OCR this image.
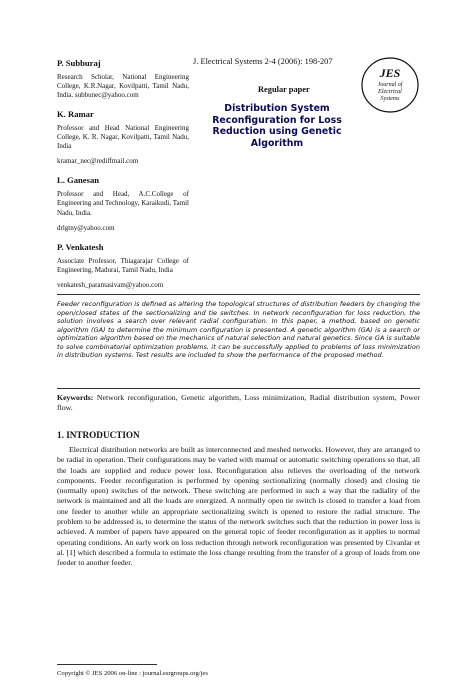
P. Subburaj

Research Scholar, National Engineering College, K.R.Nagar, Kovilpatti, Tamil Nadu, India. subbunec@yahoo.com

K. Ramar

Professor and Head National Engineering College, K. R. Nagar, Kovilpatti, Tamil Nadu, India

kramar_nec@rediffmail.com

L. Ganesan

Professor and Head, A.C.College of Engineering and Technology, Karaikudi, Tamil Nadu, India.

drlgtny@yahoo.com

P. Venkatesh

Associate Professor, Thiagarajar College of Engineering, Madurai, Tamil Nadu, India

venkatesh_paramasivam@yahoo.com

J. Electrical Systems 2-4 (2006): 198-207
Regular paper
Distribution System Reconfiguration for Loss Reduction using Genetic Algorithm
JES
Journal of
Electrical
Systems

Feeder reconfiguration is defined as altering the topological structures of distribution feeders by changing the open/closed states of the sectionalizing and tie switches. In network reconfiguration for loss reduction, the solution involves a search over relevant radial configuration. In this paper, a method, based on genetic algorithm (GA) to determine the minimum configuration is presented. A genetic algorithm (GA) is a search or optimization algorithm based on the mechanics of natural selection and natural genetics. Since GA is suitable to solve combinatorial optimization problems, it can be successfully applied to problems of loss minimization in distribution systems. Test results are included to show the performance of the proposed method.

Keywords: Network reconfiguration, Genetic algorithm, Loss minimization, Radial distribution system, Power flow.

1. INTRODUCTION

Electrical distribution networks are built as interconnected and meshed networks. However, they are arranged to be radial in operation. Their configurations may be varied with manual or automatic switching operations so that, all the loads are supplied and reduce power loss. Reconfiguration also relieves the overloading of the network components. Feeder reconfiguration is performed by opening sectionalizing (normally closed) and closing tie (normally open) switches of the network. These switching are performed in such a way that the radiality of the network is maintained and all the loads are energized. A normally open tie switch is closed to transfer a load from one feeder to another while an appropriate sectionalizing switch is opened to restore the radial structure. The problem to be addressed is, to determine the status of the network switches such that the reduction in power loss is achieved. A number of papers have appeared on the general topic of feeder reconfiguration as it applies to normal operating conditions. An early work on loss reduction through network reconfiguration was presented by Civanlar et al. [1] which described a formula to estimate the loss change resulting from the transfer of a group of loads from one feeder to another feeder.

Copyright © JES 2006 on-line : journal.esrgroups.org/jes
